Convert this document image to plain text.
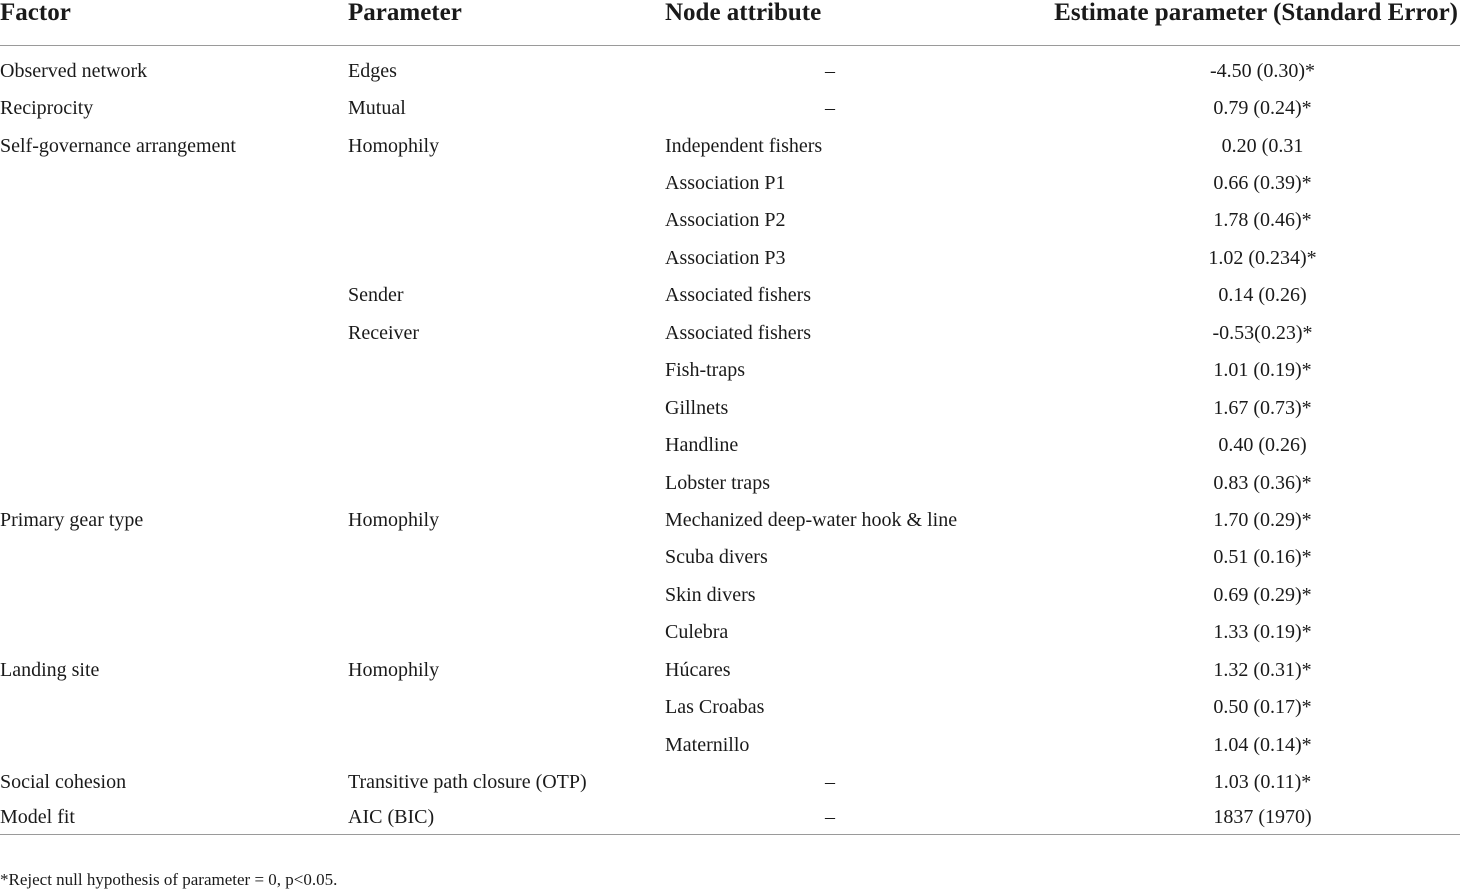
Factor	Parameter	Node attribute	Estimate parameter (Standard Error)
Observed network	Edges	–	-4.50 (0.30)*
Reciprocity	Mutual	–	0.79 (0.24)*
Self-governance arrangement	Homophily	Independent fishers	0.20 (0.31
		Association P1	0.66 (0.39)*
		Association P2	1.78 (0.46)*
		Association P3	1.02 (0.234)*
	Sender	Associated fishers	0.14 (0.26)
	Receiver	Associated fishers	-0.53(0.23)*
		Fish-traps	1.01 (0.19)*
		Gillnets	1.67 (0.73)*
		Handline	0.40 (0.26)
		Lobster traps	0.83 (0.36)*
Primary gear type	Homophily	Mechanized deep-water hook & line	1.70 (0.29)*
		Scuba divers	0.51 (0.16)*
		Skin divers	0.69 (0.29)*
		Culebra	1.33 (0.19)*
Landing site	Homophily	Húcares	1.32 (0.31)*
		Las Croabas	0.50 (0.17)*
		Maternillo	1.04 (0.14)*
Social cohesion	Transitive path closure (OTP)	–	1.03 (0.11)*
Model fit	AIC (BIC)	–	1837 (1970)
*Reject null hypothesis of parameter = 0, p<0.05.
